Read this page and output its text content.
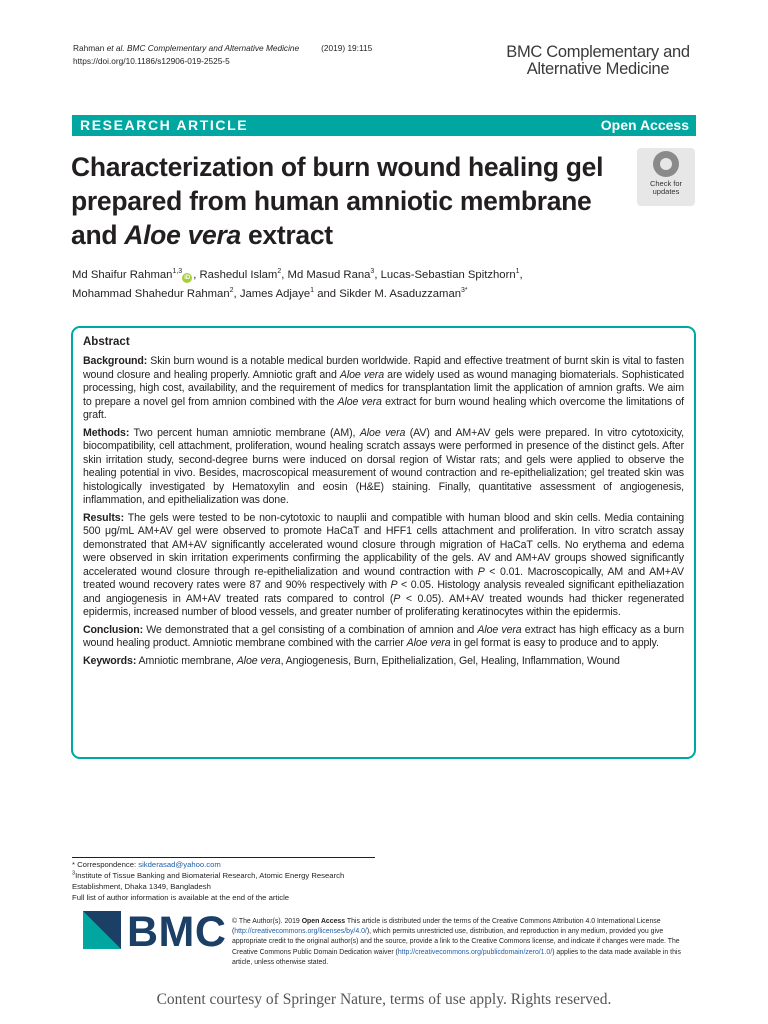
Rahman et al. BMC Complementary and Alternative Medicine	(2019) 19:115
https://doi.org/10.1186/s12906-019-2525-5	BMC Complementary and
Alternative Medicine
RESEARCH ARTICLE	Open Access
Characterization of burn wound healing gel prepared from human amniotic membrane and Aloe vera extract
Check for
updates
Md Shaifur Rahman$^{1,3}$iD , Rashedul Islam$^2$, Md Masud Rana$^3$, Lucas-Sebastian Spitzhorn$^1$,
Mohammad Shahedur Rahman$^2$, James Adjaye$^1$ and Sikder M. Asaduzzaman$^{3*}$
Abstract

Background: Skin burn wound is a notable medical burden worldwide. Rapid and effective treatment of burnt skin is vital to fasten wound closure and healing properly. Amniotic graft and Aloe vera are widely used as wound managing biomaterials. Sophisticated processing, high cost, availability, and the requirement of medics for transplantation limit the application of amnion grafts. We aim to prepare a novel gel from amnion combined with the Aloe vera extract for burn wound healing which overcome the limitations of graft.

Methods: Two percent human amniotic membrane (AM), Aloe vera (AV) and AM+AV gels were prepared. In vitro cytotoxicity, biocompatibility, cell attachment, proliferation, wound healing scratch assays were performed in presence of the distinct gels. After skin irritation study, second-degree burns were induced on dorsal region of Wistar rats; and gels were applied to observe the healing potential in vivo. Besides, macroscopical measurement of wound contraction and re-epithelialization; gel treated skin was histologically investigated by Hematoxylin and eosin (H&E) staining. Finally, quantitative assessment of angiogenesis, inflammation, and epithelialization was done.

Results: The gels were tested to be non-cytotoxic to nauplii and compatible with human blood and skin cells. Media containing 500 μg/mL AM+AV gel were observed to promote HaCaT and HFF1 cells attachment and proliferation. In vitro scratch assay demonstrated that AM+AV significantly accelerated wound closure through migration of HaCaT cells. No erythema and edema were observed in skin irritation experiments confirming the applicability of the gels. AV and AM+AV groups showed significantly accelerated wound closure through re-epithelialization and wound contraction with P < 0.01. Macroscopically, AM and AM+AV treated wound recovery rates were 87 and 90% respectively with P < 0.05. Histology analysis revealed significant epitheliazation and angiogenesis in AM+AV treated rats compared to control (P < 0.05). AM+AV treated wounds had thicker regenerated epidermis, increased number of blood vessels, and greater number of proliferating keratinocytes within the epidermis.

Conclusion: We demonstrated that a gel consisting of a combination of amnion and Aloe vera extract has high efficacy as a burn wound healing product. Amniotic membrane combined with the carrier Aloe vera in gel format is easy to produce and to apply.

Keywords: Amniotic membrane, Aloe vera, Angiogenesis, Burn, Epithelialization, Gel, Healing, Inflammation, Wound

* Correspondence: sikderasad@yahoo.com
$^3$Institute of Tissue Banking and Biomaterial Research, Atomic Energy Research Establishment, Dhaka 1349, Bangladesh
Full list of author information is available at the end of the article
BMC © The Author(s). 2019 Open Access This article is distributed under the terms of the Creative Commons Attribution 4.0 International License (http://creativecommons.org/licenses/by/4.0/), which permits unrestricted use, distribution, and reproduction in any medium, provided you give appropriate credit to the original author(s) and the source, provide a link to the Creative Commons license, and indicate if changes were made. The Creative Commons Public Domain Dedication waiver (http://creativecommons.org/publicdomain/zero/1.0/) applies to the data made available in this article, unless otherwise stated.
Content courtesy of Springer Nature, terms of use apply. Rights reserved.
